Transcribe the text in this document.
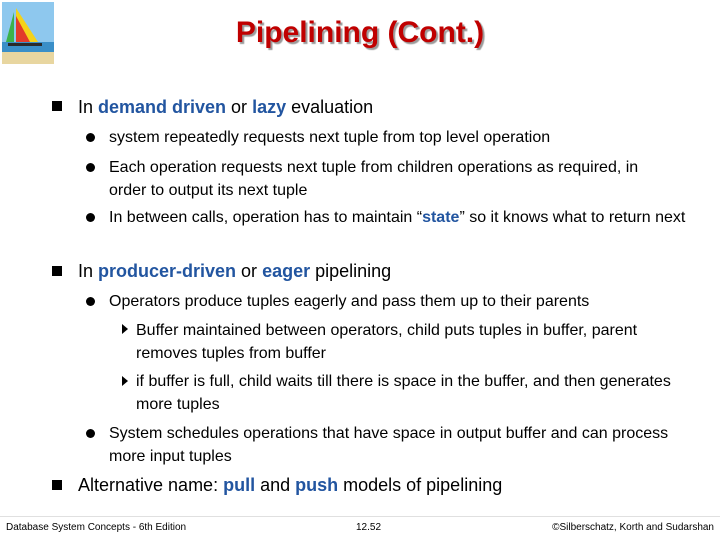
Pipelining (Cont.)
In demand driven or lazy evaluation
system repeatedly requests next tuple from top level operation
Each operation requests next tuple from children operations as required, in order to output its next tuple
In between calls, operation has to maintain “state” so it knows what to return next
In producer-driven or eager pipelining
Operators produce tuples eagerly and pass them up to their parents
Buffer maintained between operators, child puts tuples in buffer, parent removes tuples from buffer
if buffer is full, child waits till there is space in the buffer, and then generates more tuples
System schedules operations that have space in output buffer and can process more input tuples
Alternative name: pull and push models of pipelining
Database System Concepts - 6th Edition	12.52	©Silberschatz, Korth and Sudarshan
